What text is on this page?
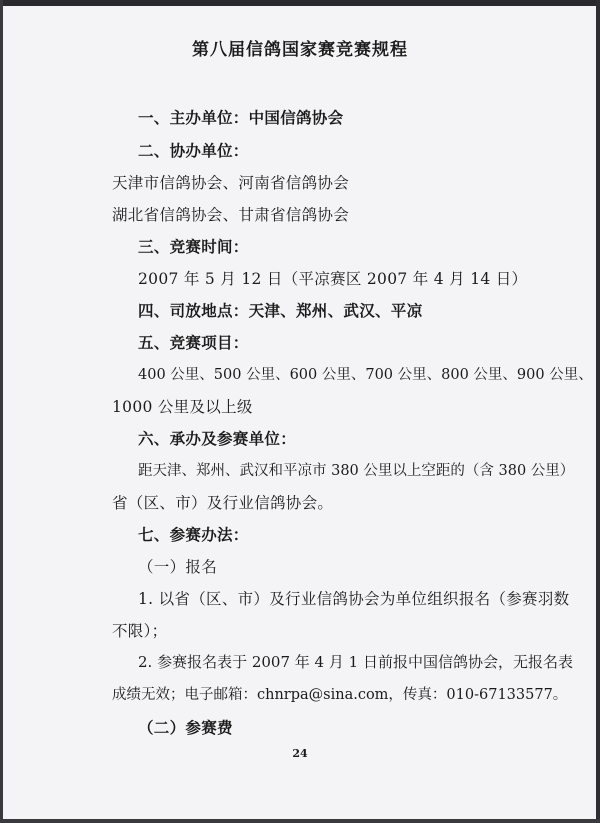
第八届信鸽国家赛竞赛规程
一、主办单位：中国信鸽协会
二、协办单位：
天津市信鸽协会、河南省信鸽协会
湖北省信鸽协会、甘肃省信鸽协会
三、竞赛时间：
2007 年 5 月 12 日（平凉赛区 2007 年 4 月 14 日）
四、司放地点：天津、郑州、武汉、平凉
五、竞赛项目：
400 公里、500 公里、600 公里、700 公里、800 公里、900 公里、
1000 公里及以上级
六、承办及参赛单位：
距天津、郑州、武汉和平凉市 380 公里以上空距的（含 380 公里）
省（区、市）及行业信鸽协会。
七、参赛办法：
（一）报名
1. 以省（区、市）及行业信鸽协会为单位组织报名（参赛羽数
不限）；
2. 参赛报名表于 2007 年 4 月 1 日前报中国信鸽协会，无报名表
成绩无效；电子邮箱：chnrpa@sina.com，传真：010-67133577。
（二）参赛费
24
